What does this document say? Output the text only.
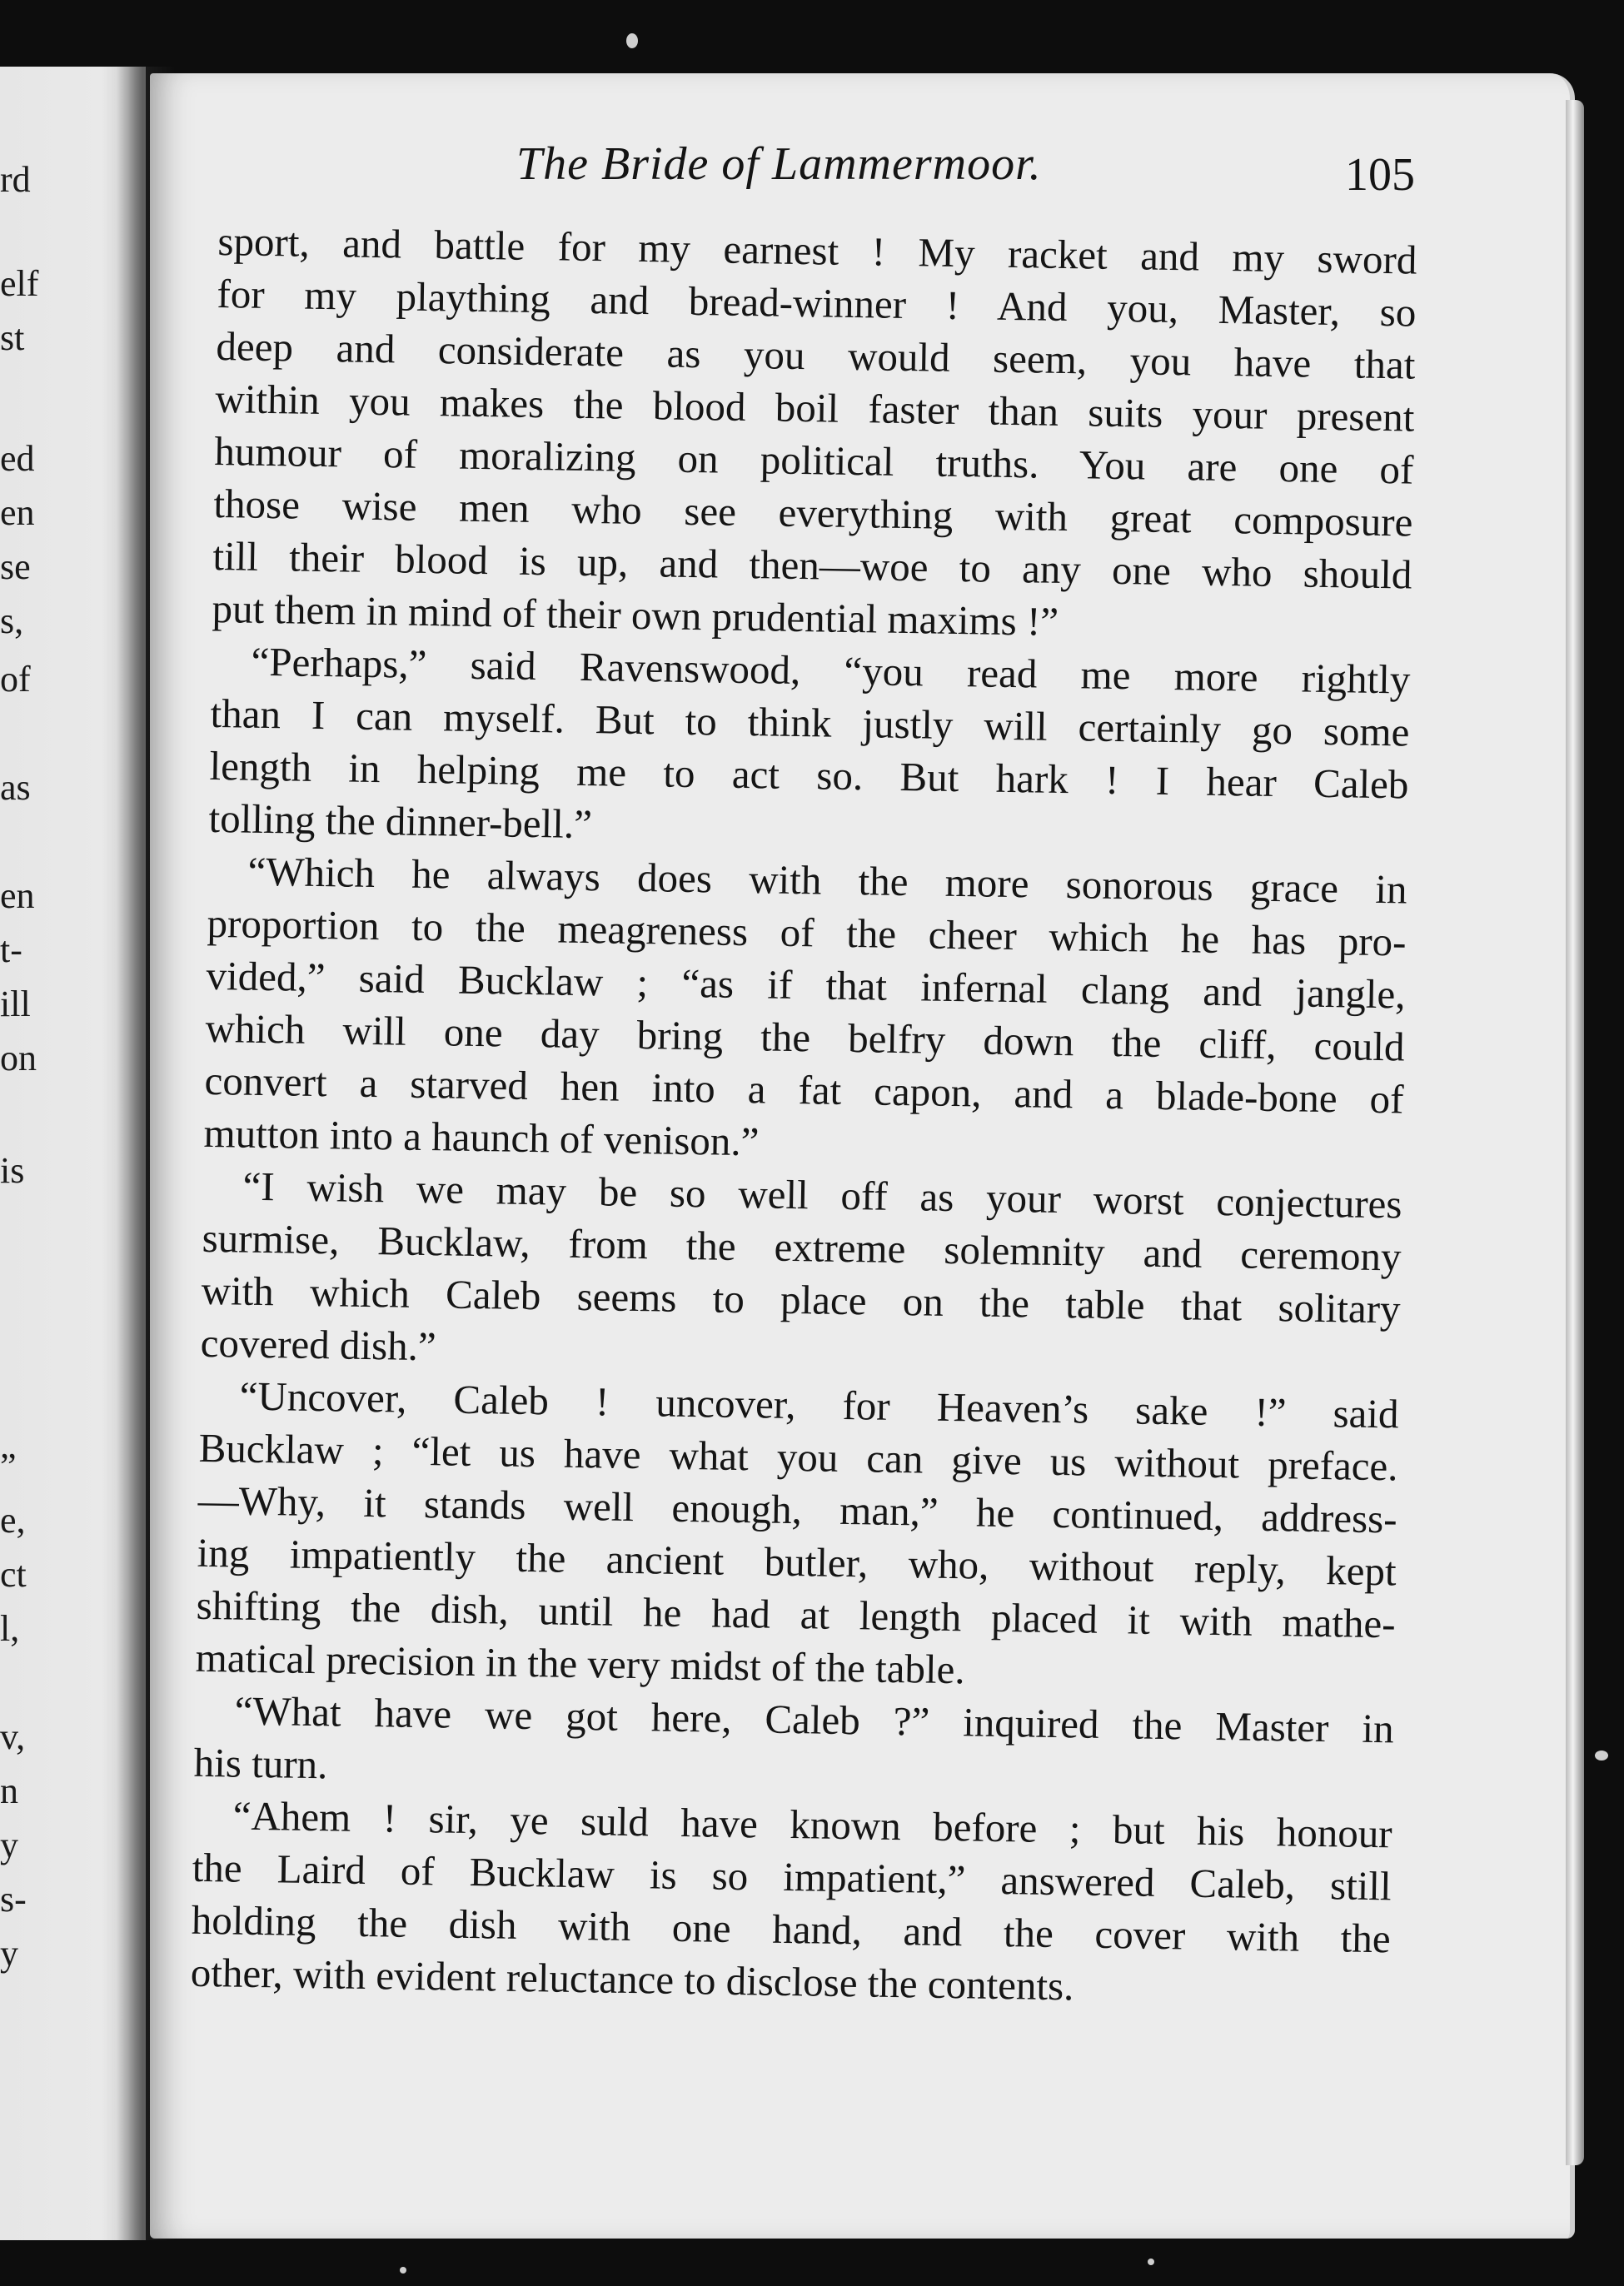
rd
elf
st
ed
en
se
s,
of
as
en
t-
ill
on
is
”
e,
ct
l,
v,
n
y
s-
y
The Bride of Lammermoor.	105
sport, and battle for my earnest ! My racket and my sword
for my plaything and bread-winner ! And you, Master, so
deep and considerate as you would seem, you have that
within you makes the blood boil faster than suits your present
humour of moralizing on political truths. You are one of
those wise men who see everything with great composure
till their blood is up, and then—woe to any one who should
put them in mind of their own prudential maxims !”
“Perhaps,” said Ravenswood, “you read me more rightly
than I can myself. But to think justly will certainly go some
length in helping me to act so. But hark ! I hear Caleb
tolling the dinner-bell.”
“Which he always does with the more sonorous grace in
proportion to the meagreness of the cheer which he has pro-
vided,” said Bucklaw ; “as if that infernal clang and jangle,
which will one day bring the belfry down the cliff, could
convert a starved hen into a fat capon, and a blade-bone of
mutton into a haunch of venison.”
“I wish we may be so well off as your worst conjectures
surmise, Bucklaw, from the extreme solemnity and ceremony
with which Caleb seems to place on the table that solitary
covered dish.”
“Uncover, Caleb ! uncover, for Heaven’s sake !” said
Bucklaw ; “let us have what you can give us without preface.
—Why, it stands well enough, man,” he continued, address-
ing impatiently the ancient butler, who, without reply, kept
shifting the dish, until he had at length placed it with mathe-
matical precision in the very midst of the table.
“What have we got here, Caleb ?” inquired the Master in
his turn.
“Ahem ! sir, ye suld have known before ; but his honour
the Laird of Bucklaw is so impatient,” answered Caleb, still
holding the dish with one hand, and the cover with the
other, with evident reluctance to disclose the contents.
